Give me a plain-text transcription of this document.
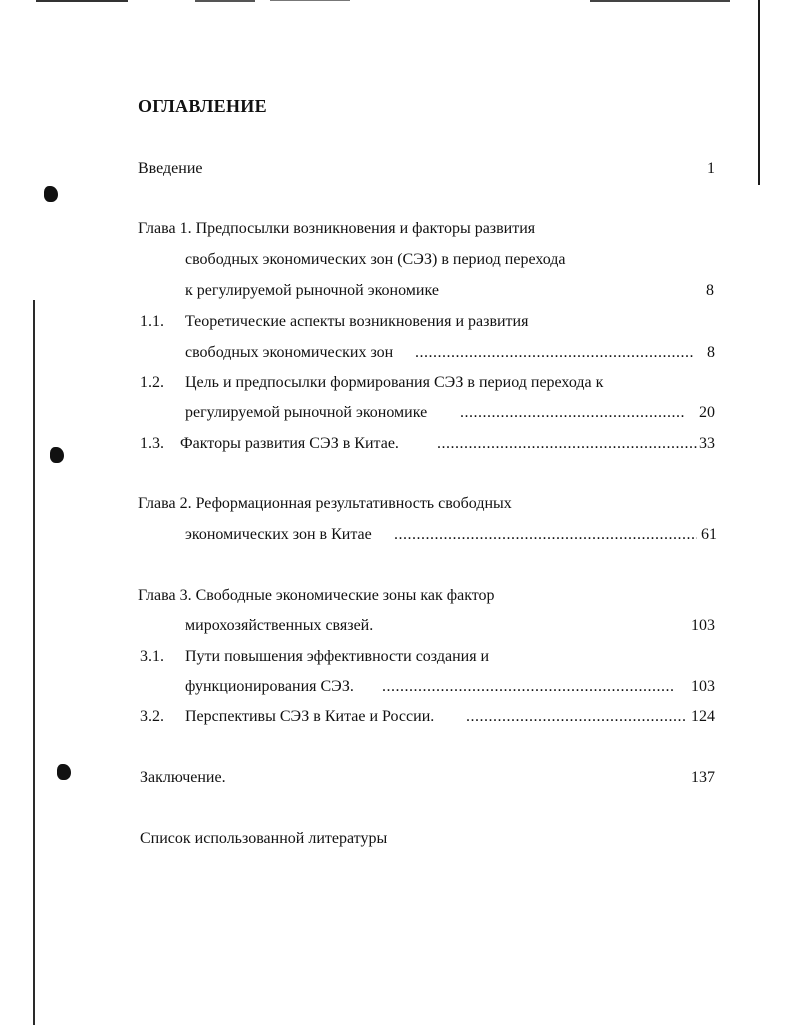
ОГЛАВЛЕНИЕ
Введение	1
Глава 1. Предпосылки возникновения и факторы развития
свободных экономических зон (СЭЗ) в период перехода
к регулируемой рыночной экономике	8
1.1. Теоретические аспекты возникновения и развития
свободных экономических зон .....	8
1.2. Цель и предпосылки формирования СЭЗ в период перехода к
регулируемой рыночной экономике .....	20
1.3. Факторы развития СЭЗ в Китае. .....	33
Глава 2. Реформационная результативность свободных
экономических зон в Китае .....	61
Глава 3. Свободные экономические зоны как фактор
мирохозяйственных связей.	103
3.1. Пути повышения эффективности создания и
функционирования СЭЗ. .....	103
3.2. Перспективы СЭЗ в Китае и России. .....	124
Заключение.	137
Список использованной литературы
